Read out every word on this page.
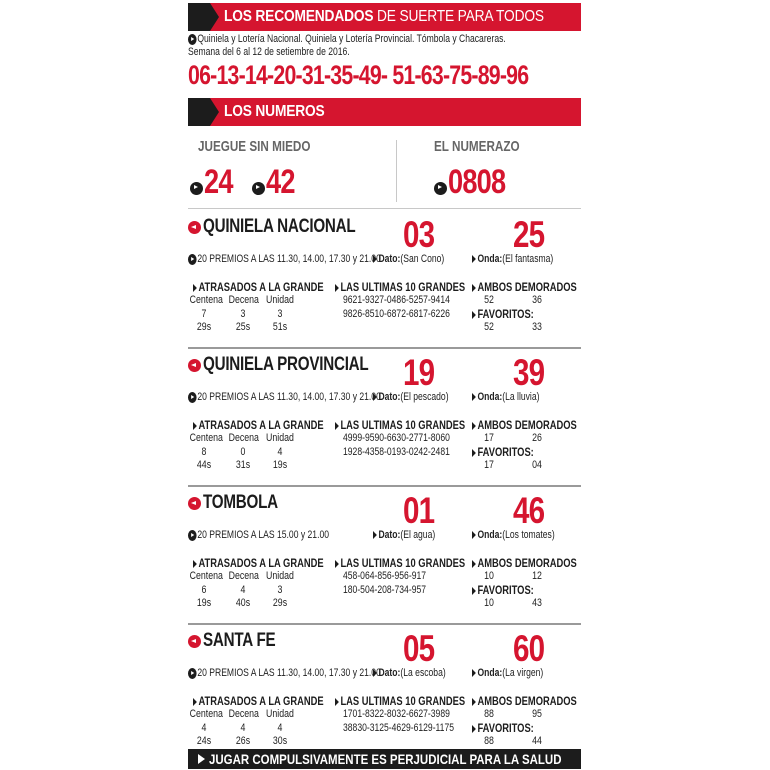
LOS RECOMENDADOS DE SUERTE PARA TODOS
Quiniela y Lotería Nacional. Quiniela y Lotería Provincial. Tómbola y Chacareras.
Semana del 6 al 12 de setiembre de 2016.
06-13-14-20-31-35-49- 51-63-75-89-96
LOS NUMEROS
JUEGUE SIN MIEDO
24 42
EL NUMERAZO
0808
QUINIELA NACIONAL	03 25
20 PREMIOS A LAS 11.30, 14.00, 17.30 y 21.00
Dato:(San Cono)	Onda:(El fantasma)
ATRASADOS A LA GRANDE
Centena Decena Unidad
7	3	3
29s	25s	51s
LAS ULTIMAS 10 GRANDES
9621-9327-0486-5257-9414
9826-8510-6872-6817-6226
AMBOS DEMORADOS
52	36
FAVORITOS:
52	33
QUINIELA PROVINCIAL 19 39
20 PREMIOS A LAS 11.30, 14.00, 17.30 y 21.00
Dato:(El pescado)	Onda:(La lluvia)
ATRASADOS A LA GRANDE
Centena Decena Unidad
8	0	4
44s	31s	19s
LAS ULTIMAS 10 GRANDES
4999-9590-6630-2771-8060
1928-4358-0193-0242-2481
AMBOS DEMORADOS
17	26
FAVORITOS:
17	04
TOMBOLA	01 46
20 PREMIOS A LAS 15.00 y 21.00	Dato:(El agua)	Onda:(Los tomates)
ATRASADOS A LA GRANDE
Centena Decena Unidad
6	4	3
19s	40s	29s
LAS ULTIMAS 10 GRANDES
458-064-856-956-917
180-504-208-734-957
AMBOS DEMORADOS
10	12
FAVORITOS:
10	43
SANTA FE	05 60
20 PREMIOS A LAS 11.30, 14.00, 17.30 y 21.00
Dato:(La escoba)	Onda:(La virgen)
ATRASADOS A LA GRANDE
Centena Decena Unidad
4	4	4
24s	26s	30s
LAS ULTIMAS 10 GRANDES
1701-8322-8032-6627-3989
38830-3125-4629-6129-1175
AMBOS DEMORADOS
88	95
FAVORITOS:
88	44
JUGAR COMPULSIVAMENTE ES PERJUDICIAL PARA LA SALUD
